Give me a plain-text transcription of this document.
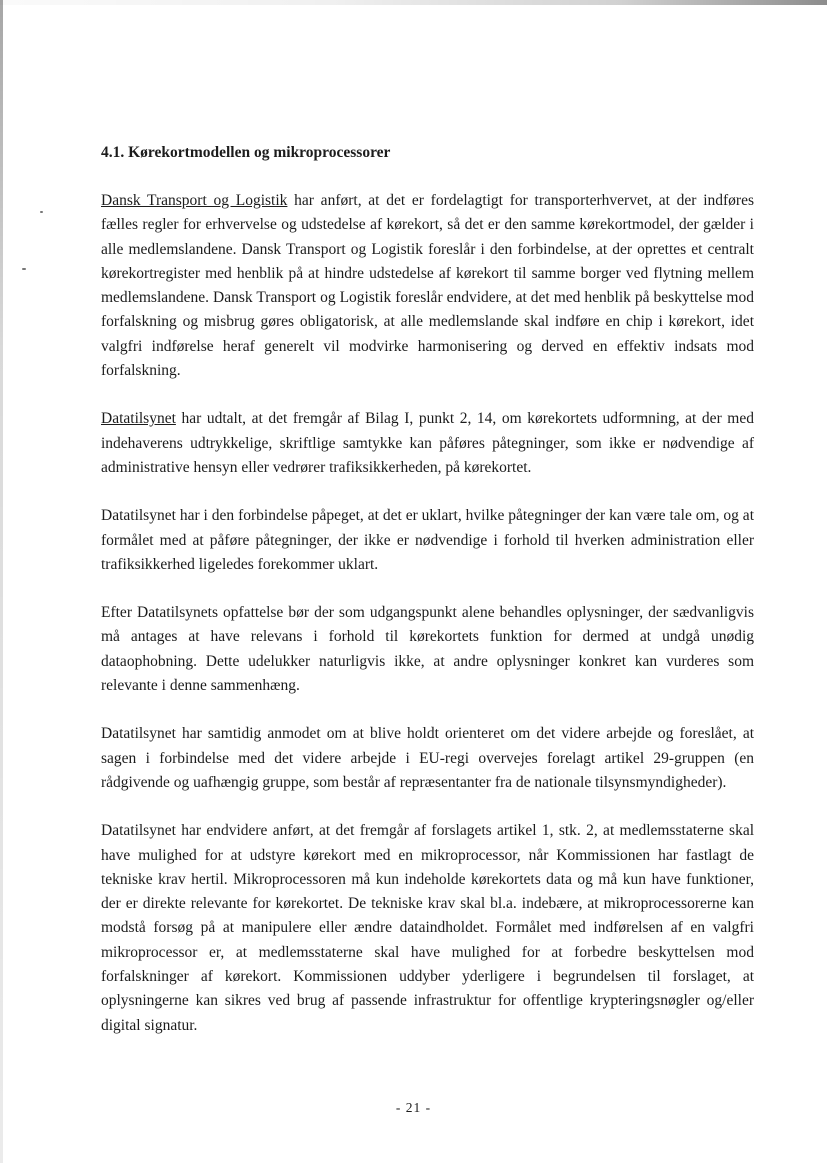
4.1. Kørekortmodellen og mikroprocessorer

Dansk Transport og Logistik har anført, at det er fordelagtigt for transporterhvervet, at der indføres fælles regler for erhvervelse og udstedelse af kørekort, så det er den samme kørekortmodel, der gælder i alle medlemslandene. Dansk Transport og Logistik foreslår i den forbindelse, at der oprettes et centralt kørekortregister med henblik på at hindre udstedelse af kørekort til samme borger ved flytning mellem medlemslandene. Dansk Transport og Logistik foreslår endvidere, at det med henblik på beskyttelse mod forfalskning og misbrug gøres obligatorisk, at alle medlemslande skal indføre en chip i kørekort, idet valgfri indførelse heraf generelt vil modvirke harmonisering og derved en effektiv indsats mod forfalskning.

Datatilsynet har udtalt, at det fremgår af Bilag I, punkt 2, 14, om kørekortets udformning, at der med indehaverens udtrykkelige, skriftlige samtykke kan påføres påtegninger, som ikke er nødvendige af administrative hensyn eller vedrører trafiksikkerheden, på kørekortet.

Datatilsynet har i den forbindelse påpeget, at det er uklart, hvilke påtegninger der kan være tale om, og at formålet med at påføre påtegninger, der ikke er nødvendige i forhold til hverken administration eller trafiksikkerhed ligeledes forekommer uklart.

Efter Datatilsynets opfattelse bør der som udgangspunkt alene behandles oplysninger, der sædvanligvis må antages at have relevans i forhold til kørekortets funktion for dermed at undgå unødig dataophobning. Dette udelukker naturligvis ikke, at andre oplysninger konkret kan vurderes som relevante i denne sammenhæng.

Datatilsynet har samtidig anmodet om at blive holdt orienteret om det videre arbejde og foreslået, at sagen i forbindelse med det videre arbejde i EU-regi overvejes forelagt artikel 29-gruppen (en rådgivende og uafhængig gruppe, som består af repræsentanter fra de nationale tilsynsmyndigheder).

Datatilsynet har endvidere anført, at det fremgår af forslagets artikel 1, stk. 2, at medlemsstaterne skal have mulighed for at udstyre kørekort med en mikroprocessor, når Kommissionen har fastlagt de tekniske krav hertil. Mikroprocessoren må kun indeholde kørekortets data og må kun have funktioner, der er direkte relevante for kørekortet. De tekniske krav skal bl.a. indebære, at mikroprocessorerne kan modstå forsøg på at manipulere eller ændre dataindholdet. Formålet med indførelsen af en valgfri mikroprocessor er, at medlemsstaterne skal have mulighed for at forbedre beskyttelsen mod forfalskninger af kørekort. Kommissionen uddyber yderligere i begrundelsen til forslaget, at oplysningerne kan sikres ved brug af passende infrastruktur for offentlige krypteringsnøgler og/eller digital signatur.

- 21 -
